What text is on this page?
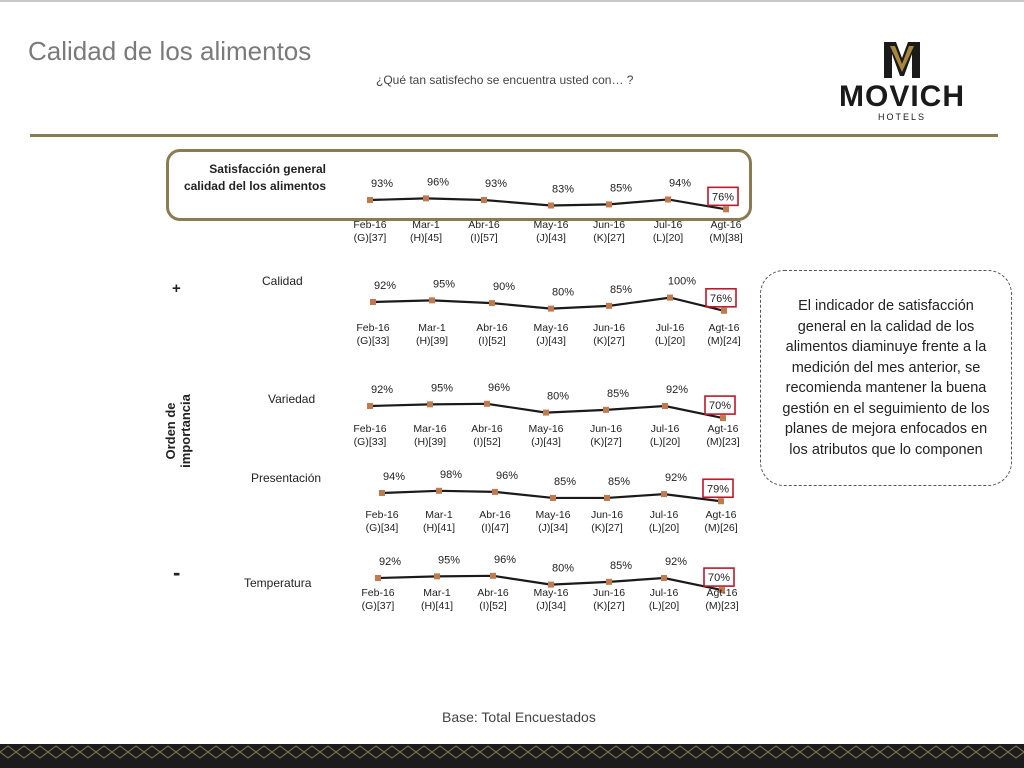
Calidad de los alimentos
¿Qué tan satisfecho se encuentra usted con… ?	MOVICH
HOTELS
93%
Feb-16
(G)[37]
96%
Mar-1
(H)[45]
93%
Abr-16
(I)[57]
83%
May-16
(J)[43]
85%
Jun-16
(K)[27]
94%
Jul-16
(L)[20]
76%
Agt-16
(M)[38]
92%
Feb-16
(G)[33]
95%
Mar-1
(H)[39]
90%
Abr-16
(I)[52]
80%
May-16
(J)[43]
85%
Jun-16
(K)[27]
100%
Jul-16
(L)[20]
76%
Agt-16
(M)[24]
92%
Feb-16
(G)[33]
95%
Mar-16
(H)[39]
96%
Abr-16
(I)[52]
80%
May-16
(J)[43]
85%
Jun-16
(K)[27]
92%
Jul-16
(L)[20]
70%
Agt-16
(M)[23]
94%
Feb-16
(G)[34]
98%
Mar-1
(H)[41]
96%
Abr-16
(I)[47]
85%
May-16
(J)[34]
85%
Jun-16
(K)[27]
92%
Jul-16
(L)[20]
79%
Agt-16
(M)[26]
92%
Feb-16
(G)[37]
95%
Mar-1
(H)[41]
96%
Abr-16
(I)[52]
80%
May-16
(J)[34]
85%
Jun-16
(K)[27]
92%
Jul-16
(L)[20]
70%
Agt-16
(M)[23]
Satisfacción general
calidad del los alimentos
Calidad
Variedad
Presentación
Temperatura
Orden de importancia
+
-
El indicador de satisfacción general en la calidad de los alimentos diaminuye frente a la medición del mes anterior, se recomienda mantener la buena gestión en el seguimiento de los planes de mejora enfocados en los atributos que lo componen
Base: Total Encuestados
